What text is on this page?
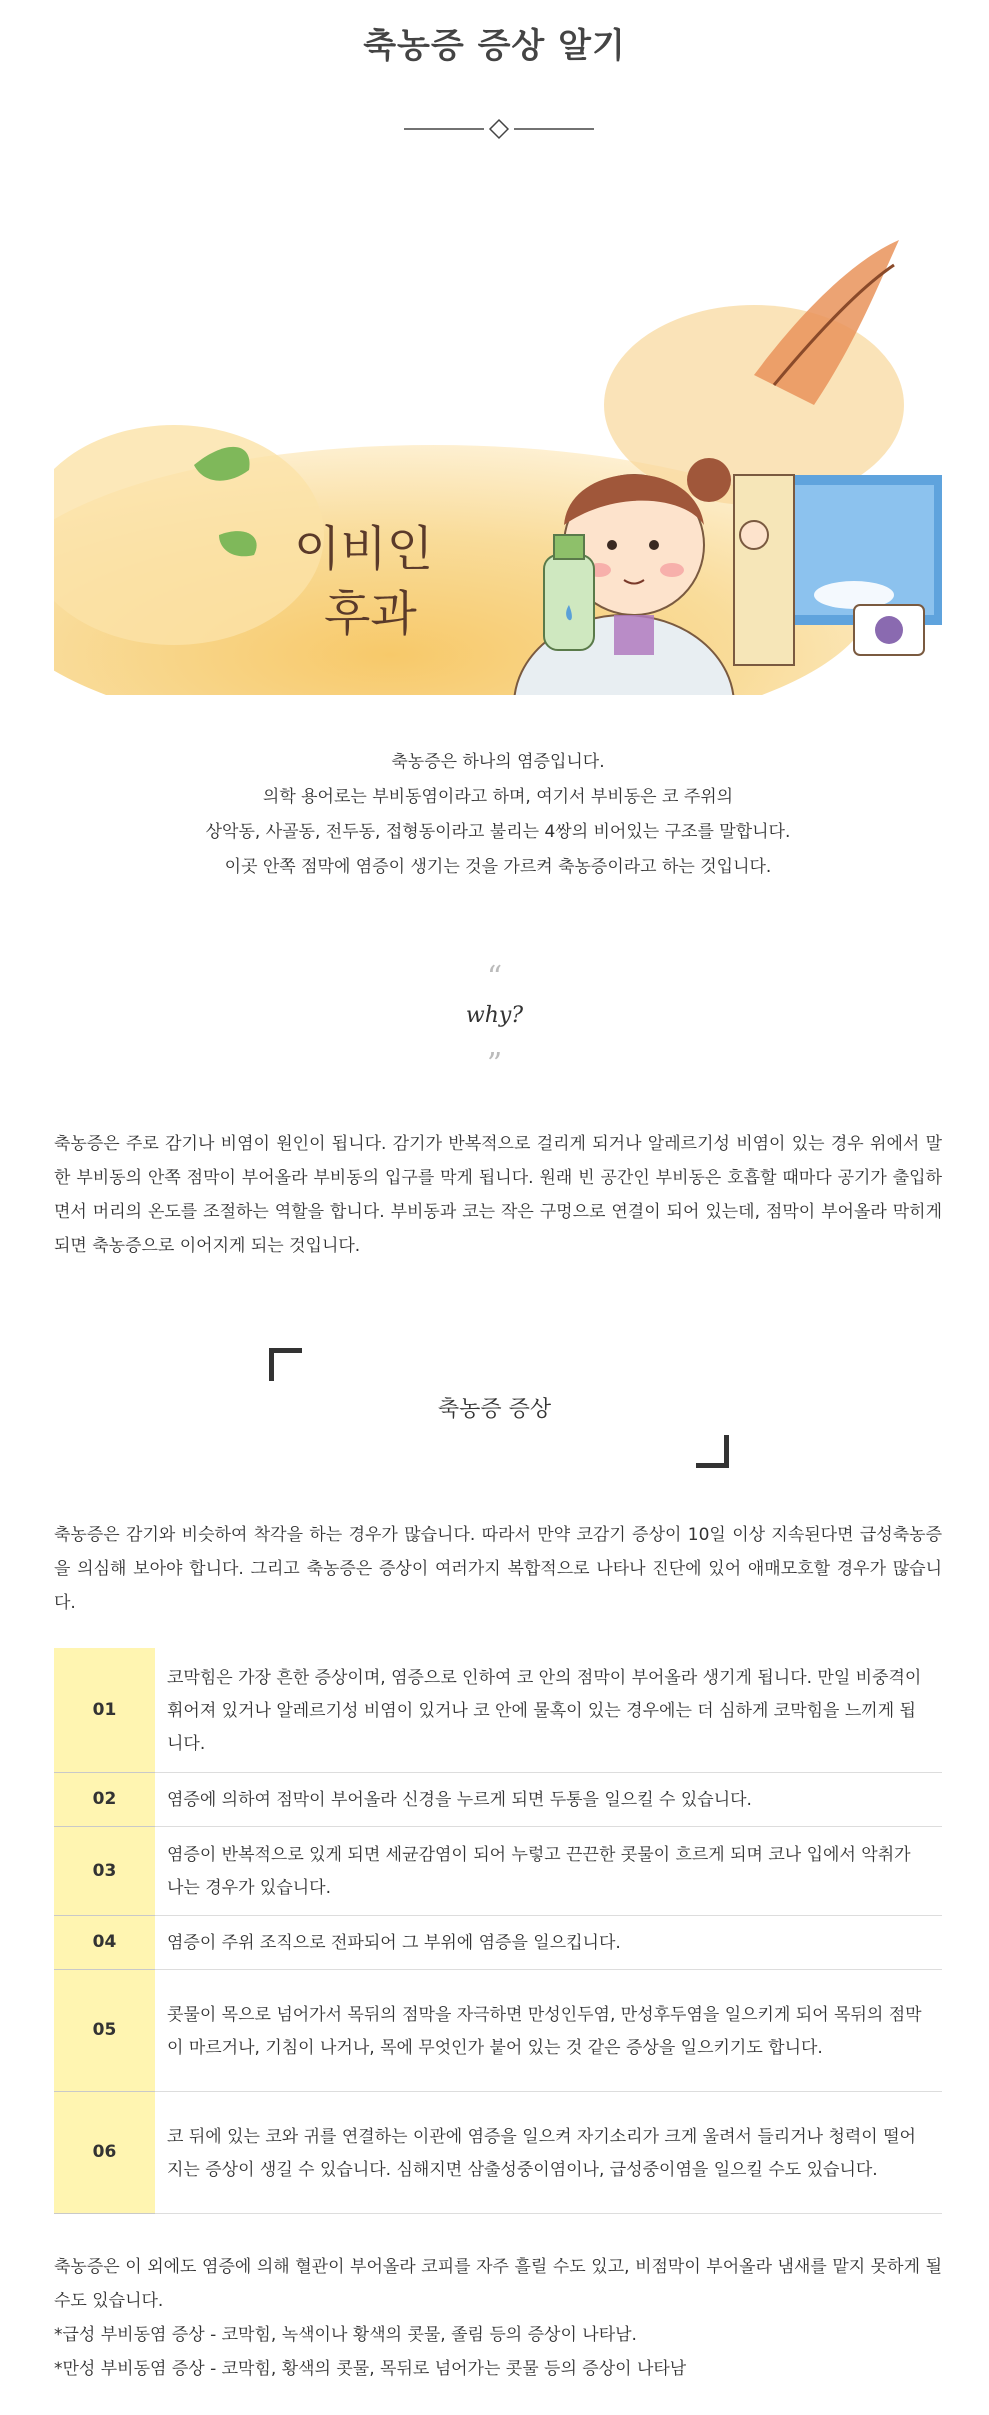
축농증 증상 알기
이비인
후과

축농증은 하나의 염증입니다.

의학 용어로는 부비동염이라고 하며, 여기서 부비동은 코 주위의

상악동, 사골동, 전두동, 접형동이라고 불리는 4쌍의 비어있는 구조를 말합니다.

이곳 안쪽 점막에 염증이 생기는 것을 가르켜 축농증이라고 하는 것입니다.

“
why?
”

축농증은 주로 감기나 비염이 원인이 됩니다. 감기가 반복적으로 걸리게 되거나 알레르기성 비염이 있는 경우 위에서 말한 부비동의 안쪽 점막이 부어올라 부비동의 입구를 막게 됩니다. 원래 빈 공간인 부비동은 호흡할 때마다 공기가 출입하면서 머리의 온도를 조절하는 역할을 합니다. 부비동과 코는 작은 구멍으로 연결이 되어 있는데, 점막이 부어올라 막히게 되면 축농증으로 이어지게 되는 것입니다.

축농증 증상

축농증은 감기와 비슷하여 착각을 하는 경우가 많습니다. 따라서 만약 코감기 증상이 10일 이상 지속된다면 급성축농증을 의심해 보아야 합니다. 그리고 축농증은 증상이 여러가지 복합적으로 나타나 진단에 있어 애매모호할 경우가 많습니다.

01	코막힘은 가장 흔한 증상이며, 염증으로 인하여 코 안의 점막이 부어올라 생기게 됩니다. 만일 비중격이 휘어져 있거나 알레르기성 비염이 있거나 코 안에 물혹이 있는 경우에는 더 심하게 코막힘을 느끼게 됩니다.
02	염증에 의하여 점막이 부어올라 신경을 누르게 되면 두통을 일으킬 수 있습니다.
03	염증이 반복적으로 있게 되면 세균감염이 되어 누렇고 끈끈한 콧물이 흐르게 되며 코나 입에서 악취가 나는 경우가 있습니다.
04	염증이 주위 조직으로 전파되어 그 부위에 염증을 일으킵니다.
05	콧물이 목으로 넘어가서 목뒤의 점막을 자극하면 만성인두염, 만성후두염을 일으키게 되어 목뒤의 점막이 마르거나, 기침이 나거나, 목에 무엇인가 붙어 있는 것 같은 증상을 일으키기도 합니다.
06	코 뒤에 있는 코와 귀를 연결하는 이관에 염증을 일으켜 자기소리가 크게 울려서 들리거나 청력이 떨어지는 증상이 생길 수 있습니다. 심해지면 삼출성중이염이나, 급성중이염을 일으킬 수도 있습니다.

축농증은 이 외에도 염증에 의해 혈관이 부어올라 코피를 자주 흘릴 수도 있고, 비점막이 부어올라 냄새를 맡지 못하게 될 수도 있습니다.

*급성 부비동염 증상 - 코막힘, 녹색이나 황색의 콧물, 졸림 등의 증상이 나타남.

*만성 부비동염 증상 - 코막힘, 황색의 콧물, 목뒤로 넘어가는 콧물 등의 증상이 나타남
